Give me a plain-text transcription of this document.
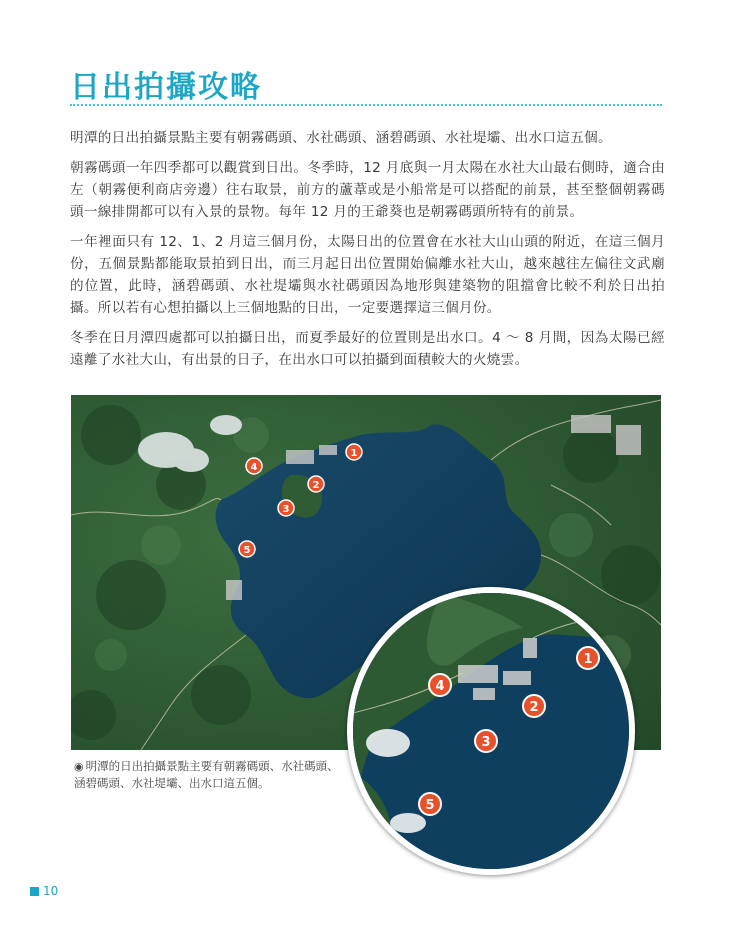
日出拍攝攻略

明潭的日出拍攝景點主要有朝霧碼頭、水社碼頭、涵碧碼頭、水社堤壩、出水口這五個。

朝霧碼頭一年四季都可以觀賞到日出。冬季時，12 月底與一月太陽在水社大山最右側時，適合由左（朝霧便利商店旁邊）往右取景，前方的蘆葦或是小船常是可以搭配的前景，甚至整個朝霧碼頭一線排開都可以有入景的景物。每年 12 月的王爺葵也是朝霧碼頭所特有的前景。

一年裡面只有 12、1、2 月這三個月份，太陽日出的位置會在水社大山山頭的附近，在這三個月份，五個景點都能取景拍到日出，而三月起日出位置開始偏離水社大山，越來越往左偏往文武廟的位置，此時，涵碧碼頭、水社堤壩與水社碼頭因為地形與建築物的阻擋會比較不利於日出拍攝。所以若有心想拍攝以上三個地點的日出，一定要選擇這三個月份。

冬季在日月潭四處都可以拍攝日出，而夏季最好的位置則是出水口。4 ～ 8 月間，因為太陽已經遠離了水社大山，有出景的日子，在出水口可以拍攝到面積較大的火燒雲。

1
2
3
4
5
1
2
3
4
5

◉ 明潭的日出拍攝景點主要有朝霧碼頭、水社碼頭、涵碧碼頭、水社堤壩、出水口這五個。

10
